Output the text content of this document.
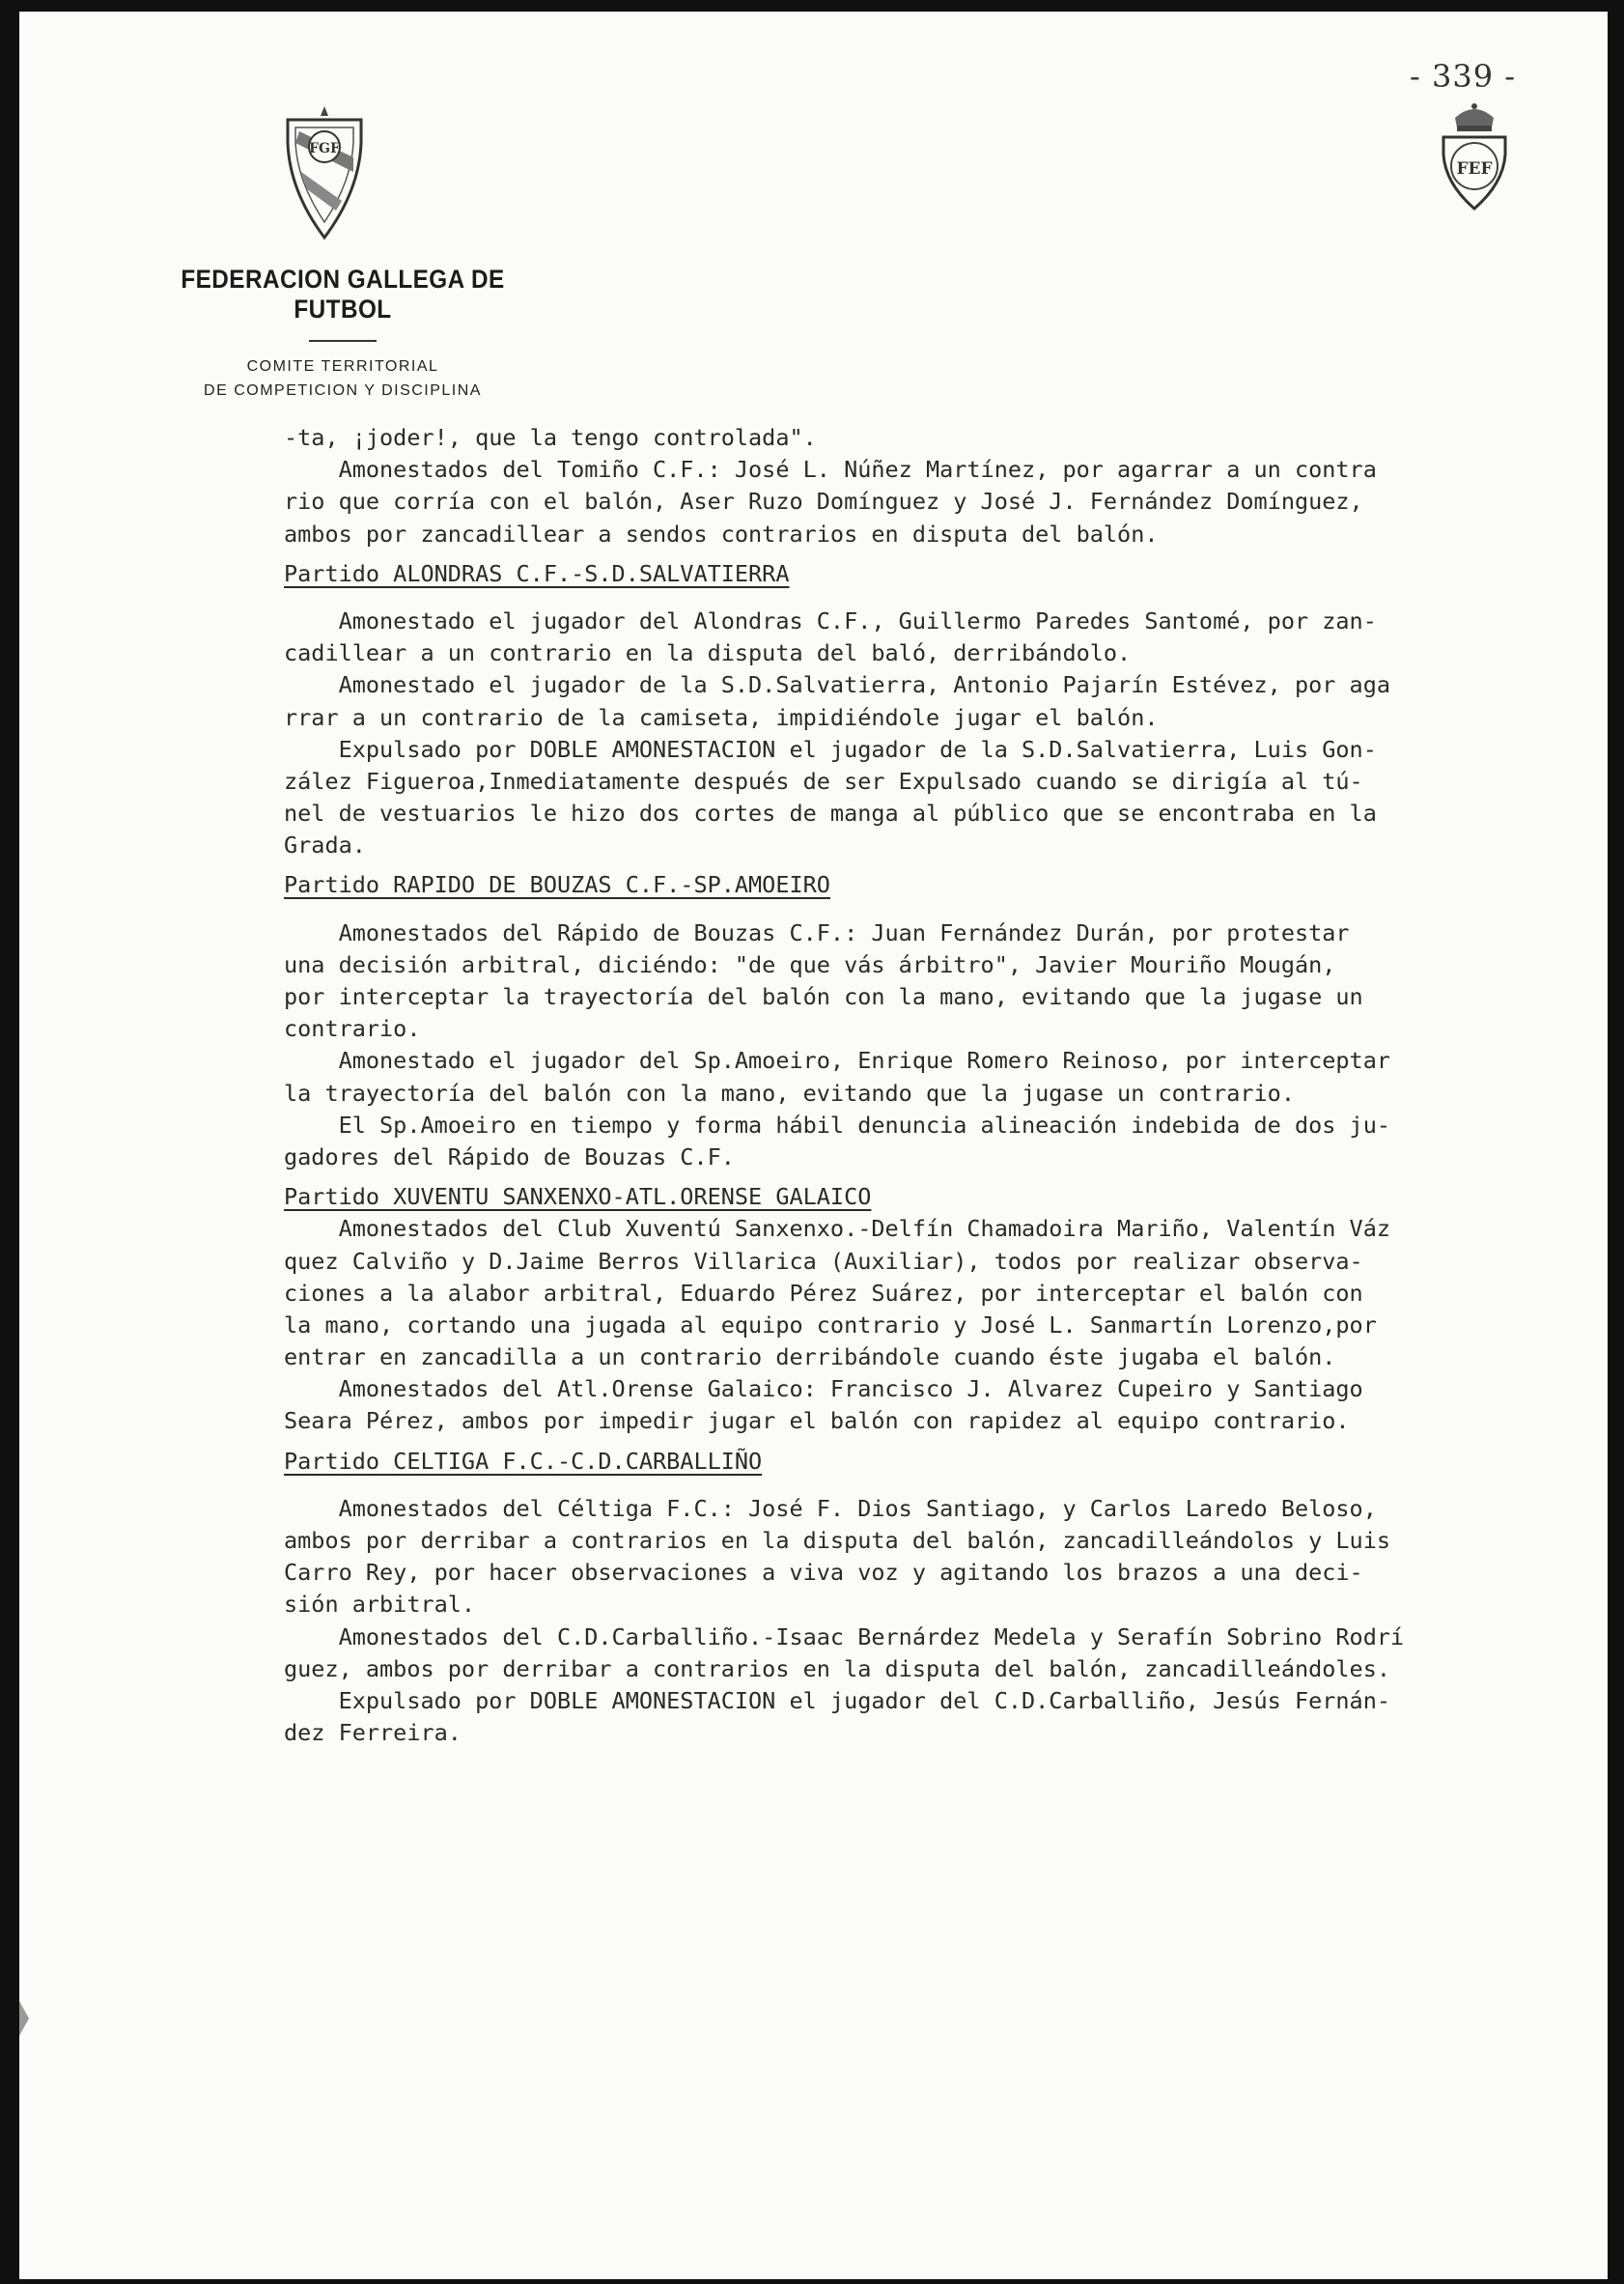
- 339 -
FGF
FEF
FEDERACION GALLEGA DE FUTBOL
COMITE TERRITORIAL
DE COMPETICION Y DISCIPLINA
-ta, ¡joder!, que la tengo controlada".
Amonestados del Tomiño C.F.: José L. Núñez Martínez, por agarrar a un contra
rio que corría con el balón, Aser Ruzo Domínguez y José J. Fernández Domínguez,
ambos por zancadillear a sendos contrarios en disputa del balón.
Partido ALONDRAS C.F.-S.D.SALVATIERRA
Amonestado el jugador del Alondras C.F., Guillermo Paredes Santomé, por zan-
cadillear a un contrario en la disputa del baló, derribándolo.
Amonestado el jugador de la S.D.Salvatierra, Antonio Pajarín Estévez, por aga
rrar a un contrario de la camiseta, impidiéndole jugar el balón.
Expulsado por DOBLE AMONESTACION el jugador de la S.D.Salvatierra, Luis Gon-
zález Figueroa,Inmediatamente después de ser Expulsado cuando se dirigía al tú-
nel de vestuarios le hizo dos cortes de manga al público que se encontraba en la
Grada.
Partido RAPIDO DE BOUZAS C.F.-SP.AMOEIRO
Amonestados del Rápido de Bouzas C.F.: Juan Fernández Durán, por protestar
una decisión arbitral, diciéndo: "de que vás árbitro", Javier Mouriño Mougán,
por interceptar la trayectoría del balón con la mano, evitando que la jugase un
contrario.
Amonestado el jugador del Sp.Amoeiro, Enrique Romero Reinoso, por interceptar
la trayectoría del balón con la mano, evitando que la jugase un contrario.
El Sp.Amoeiro en tiempo y forma hábil denuncia alineación indebida de dos ju-
gadores del Rápido de Bouzas C.F.
Partido XUVENTU SANXENXO-ATL.ORENSE GALAICO
Amonestados del Club Xuventú Sanxenxo.-Delfín Chamadoira Mariño, Valentín Váz
quez Calviño y D.Jaime Berros Villarica (Auxiliar), todos por realizar observa-
ciones a la alabor arbitral, Eduardo Pérez Suárez, por interceptar el balón con
la mano, cortando una jugada al equipo contrario y José L. Sanmartín Lorenzo,por
entrar en zancadilla a un contrario derribándole cuando éste jugaba el balón.
Amonestados del Atl.Orense Galaico: Francisco J. Alvarez Cupeiro y Santiago
Seara Pérez, ambos por impedir jugar el balón con rapidez al equipo contrario.
Partido CELTIGA F.C.-C.D.CARBALLIÑO
Amonestados del Céltiga F.C.: José F. Dios Santiago, y Carlos Laredo Beloso,
ambos por derribar a contrarios en la disputa del balón, zancadilleándolos y Luis
Carro Rey, por hacer observaciones a viva voz y agitando los brazos a una deci-
sión arbitral.
Amonestados del C.D.Carballiño.-Isaac Bernárdez Medela y Serafín Sobrino Rodrí
guez, ambos por derribar a contrarios en la disputa del balón, zancadilleándoles.
Expulsado por DOBLE AMONESTACION el jugador del C.D.Carballiño, Jesús Fernán-
dez Ferreira.
